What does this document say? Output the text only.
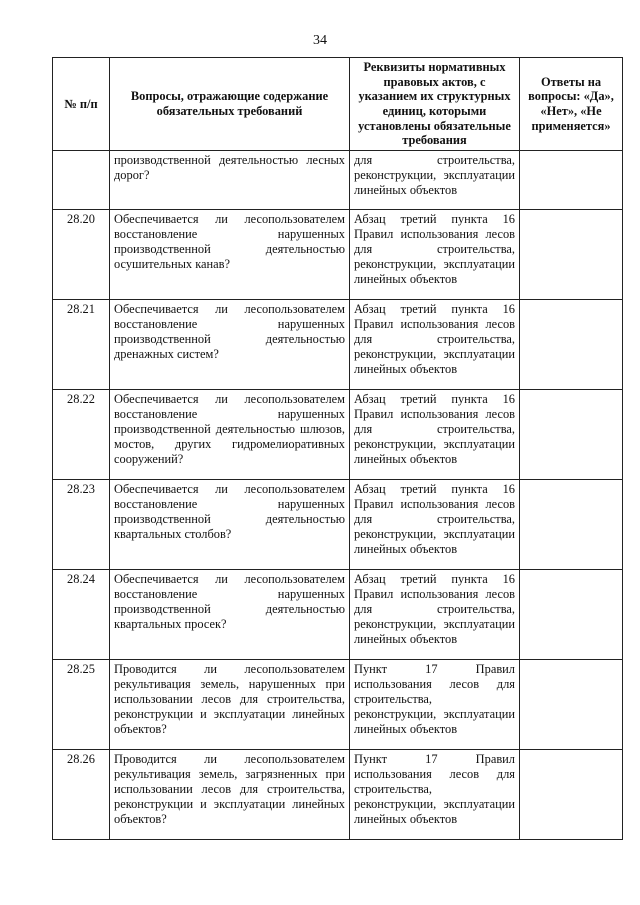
34
№ п/п	Вопросы, отражающие содержание обязательных требований	Реквизиты нормативных правовых актов, с указанием их структурных единиц, которыми установлены обязательные требования	Ответы на вопросы: «Да», «Нет», «Не применяется»
	производственной деятельностью лесных дорог?	для строительства, реконструкции, эксплуатации линейных объектов	
28.20	Обеспечивается ли лесопользователем восстановление нарушенных производственной деятельностью осушительных канав?	Абзац третий пункта 16 Правил использования лесов для строительства, реконструкции, эксплуатации линейных объектов	
28.21	Обеспечивается ли лесопользователем восстановление нарушенных производственной деятельностью дренажных систем?	Абзац третий пункта 16 Правил использования лесов для строительства, реконструкции, эксплуатации линейных объектов	
28.22	Обеспечивается ли лесопользователем восстановление нарушенных производственной деятельностью шлюзов, мостов, других гидромелиоративных сооружений?	Абзац третий пункта 16 Правил использования лесов для строительства, реконструкции, эксплуатации линейных объектов	
28.23	Обеспечивается ли лесопользователем восстановление нарушенных производственной деятельностью квартальных столбов?	Абзац третий пункта 16 Правил использования лесов для строительства, реконструкции, эксплуатации линейных объектов	
28.24	Обеспечивается ли лесопользователем восстановление нарушенных производственной деятельностью квартальных просек?	Абзац третий пункта 16 Правил использования лесов для строительства, реконструкции, эксплуатации линейных объектов	
28.25	Проводится ли лесопользователем рекультивация земель, нарушенных при использовании лесов для строительства, реконструкции и эксплуатации линейных объектов?	Пункт 17 Правил использования лесов для строительства, реконструкции, эксплуатации линейных объектов	
28.26	Проводится ли лесопользователем рекультивация земель, загрязненных при использовании лесов для строительства, реконструкции и эксплуатации линейных объектов?	Пункт 17 Правил использования лесов для строительства, реконструкции, эксплуатации линейных объектов	
